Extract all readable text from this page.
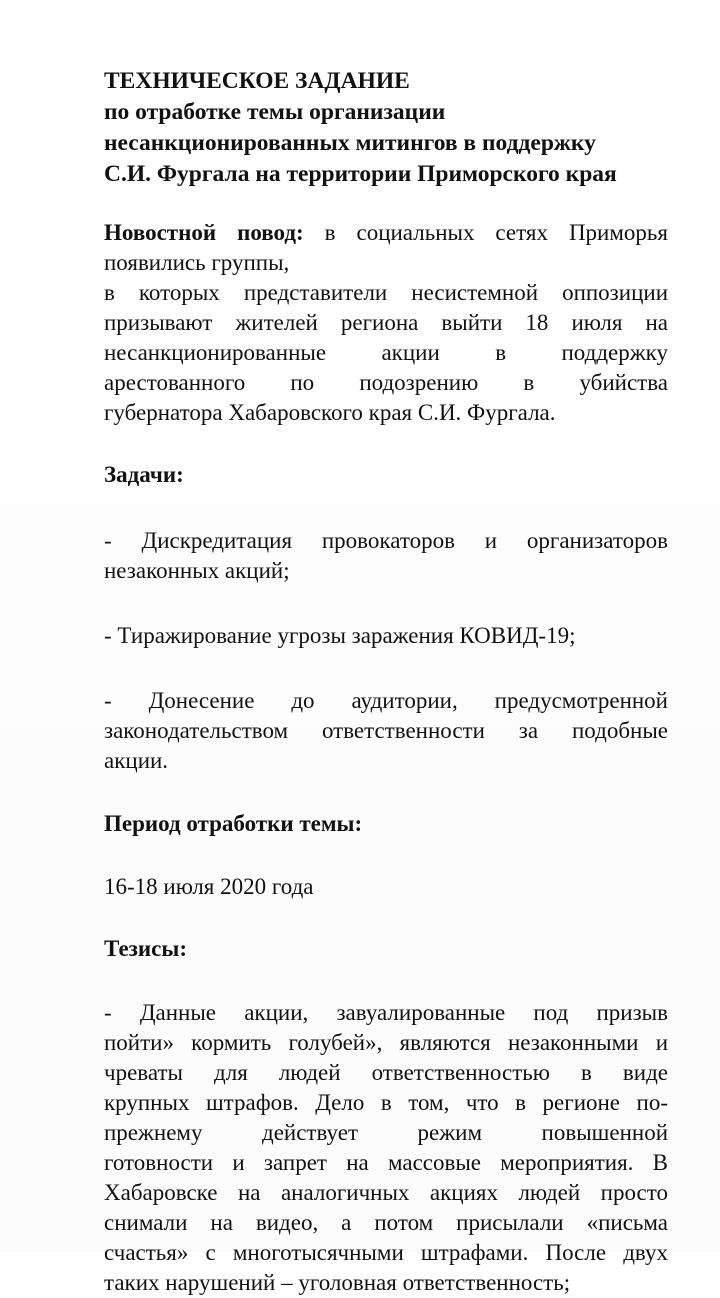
ТЕХНИЧЕСКОЕ ЗАДАНИЕ
по отработке темы организации
несанкционированных митингов в поддержку
С.И. Фургала на территории Приморского края
Новостной повод: в социальных сетях Приморья
появились группы,
в которых представители несистемной оппозиции
призывают жителей региона выйти 18 июля на
несанкционированные акции в поддержку
арестованного по подозрению в убийства
губернатора Хабаровского края С.И. Фургала.
Задачи:
- Дискредитация провокаторов и организаторов
незаконных акций;
- Тиражирование угрозы заражения КОВИД-19;
- Донесение до аудитории, предусмотренной
законодательством ответственности за подобные
акции.
Период отработки темы:
16-18 июля 2020 года
Тезисы:
- Данные акции, завуалированные под призыв
пойти» кормить голубей», являются незаконными и
чреваты для людей ответственностью в виде
крупных штрафов. Дело в том, что в регионе по-
прежнему действует режим повышенной
готовности и запрет на массовые мероприятия. В
Хабаровске на аналогичных акциях людей просто
снимали на видео, а потом присылали «письма
счастья» с многотысячными штрафами. После двух
таких нарушений – уголовная ответственность;
